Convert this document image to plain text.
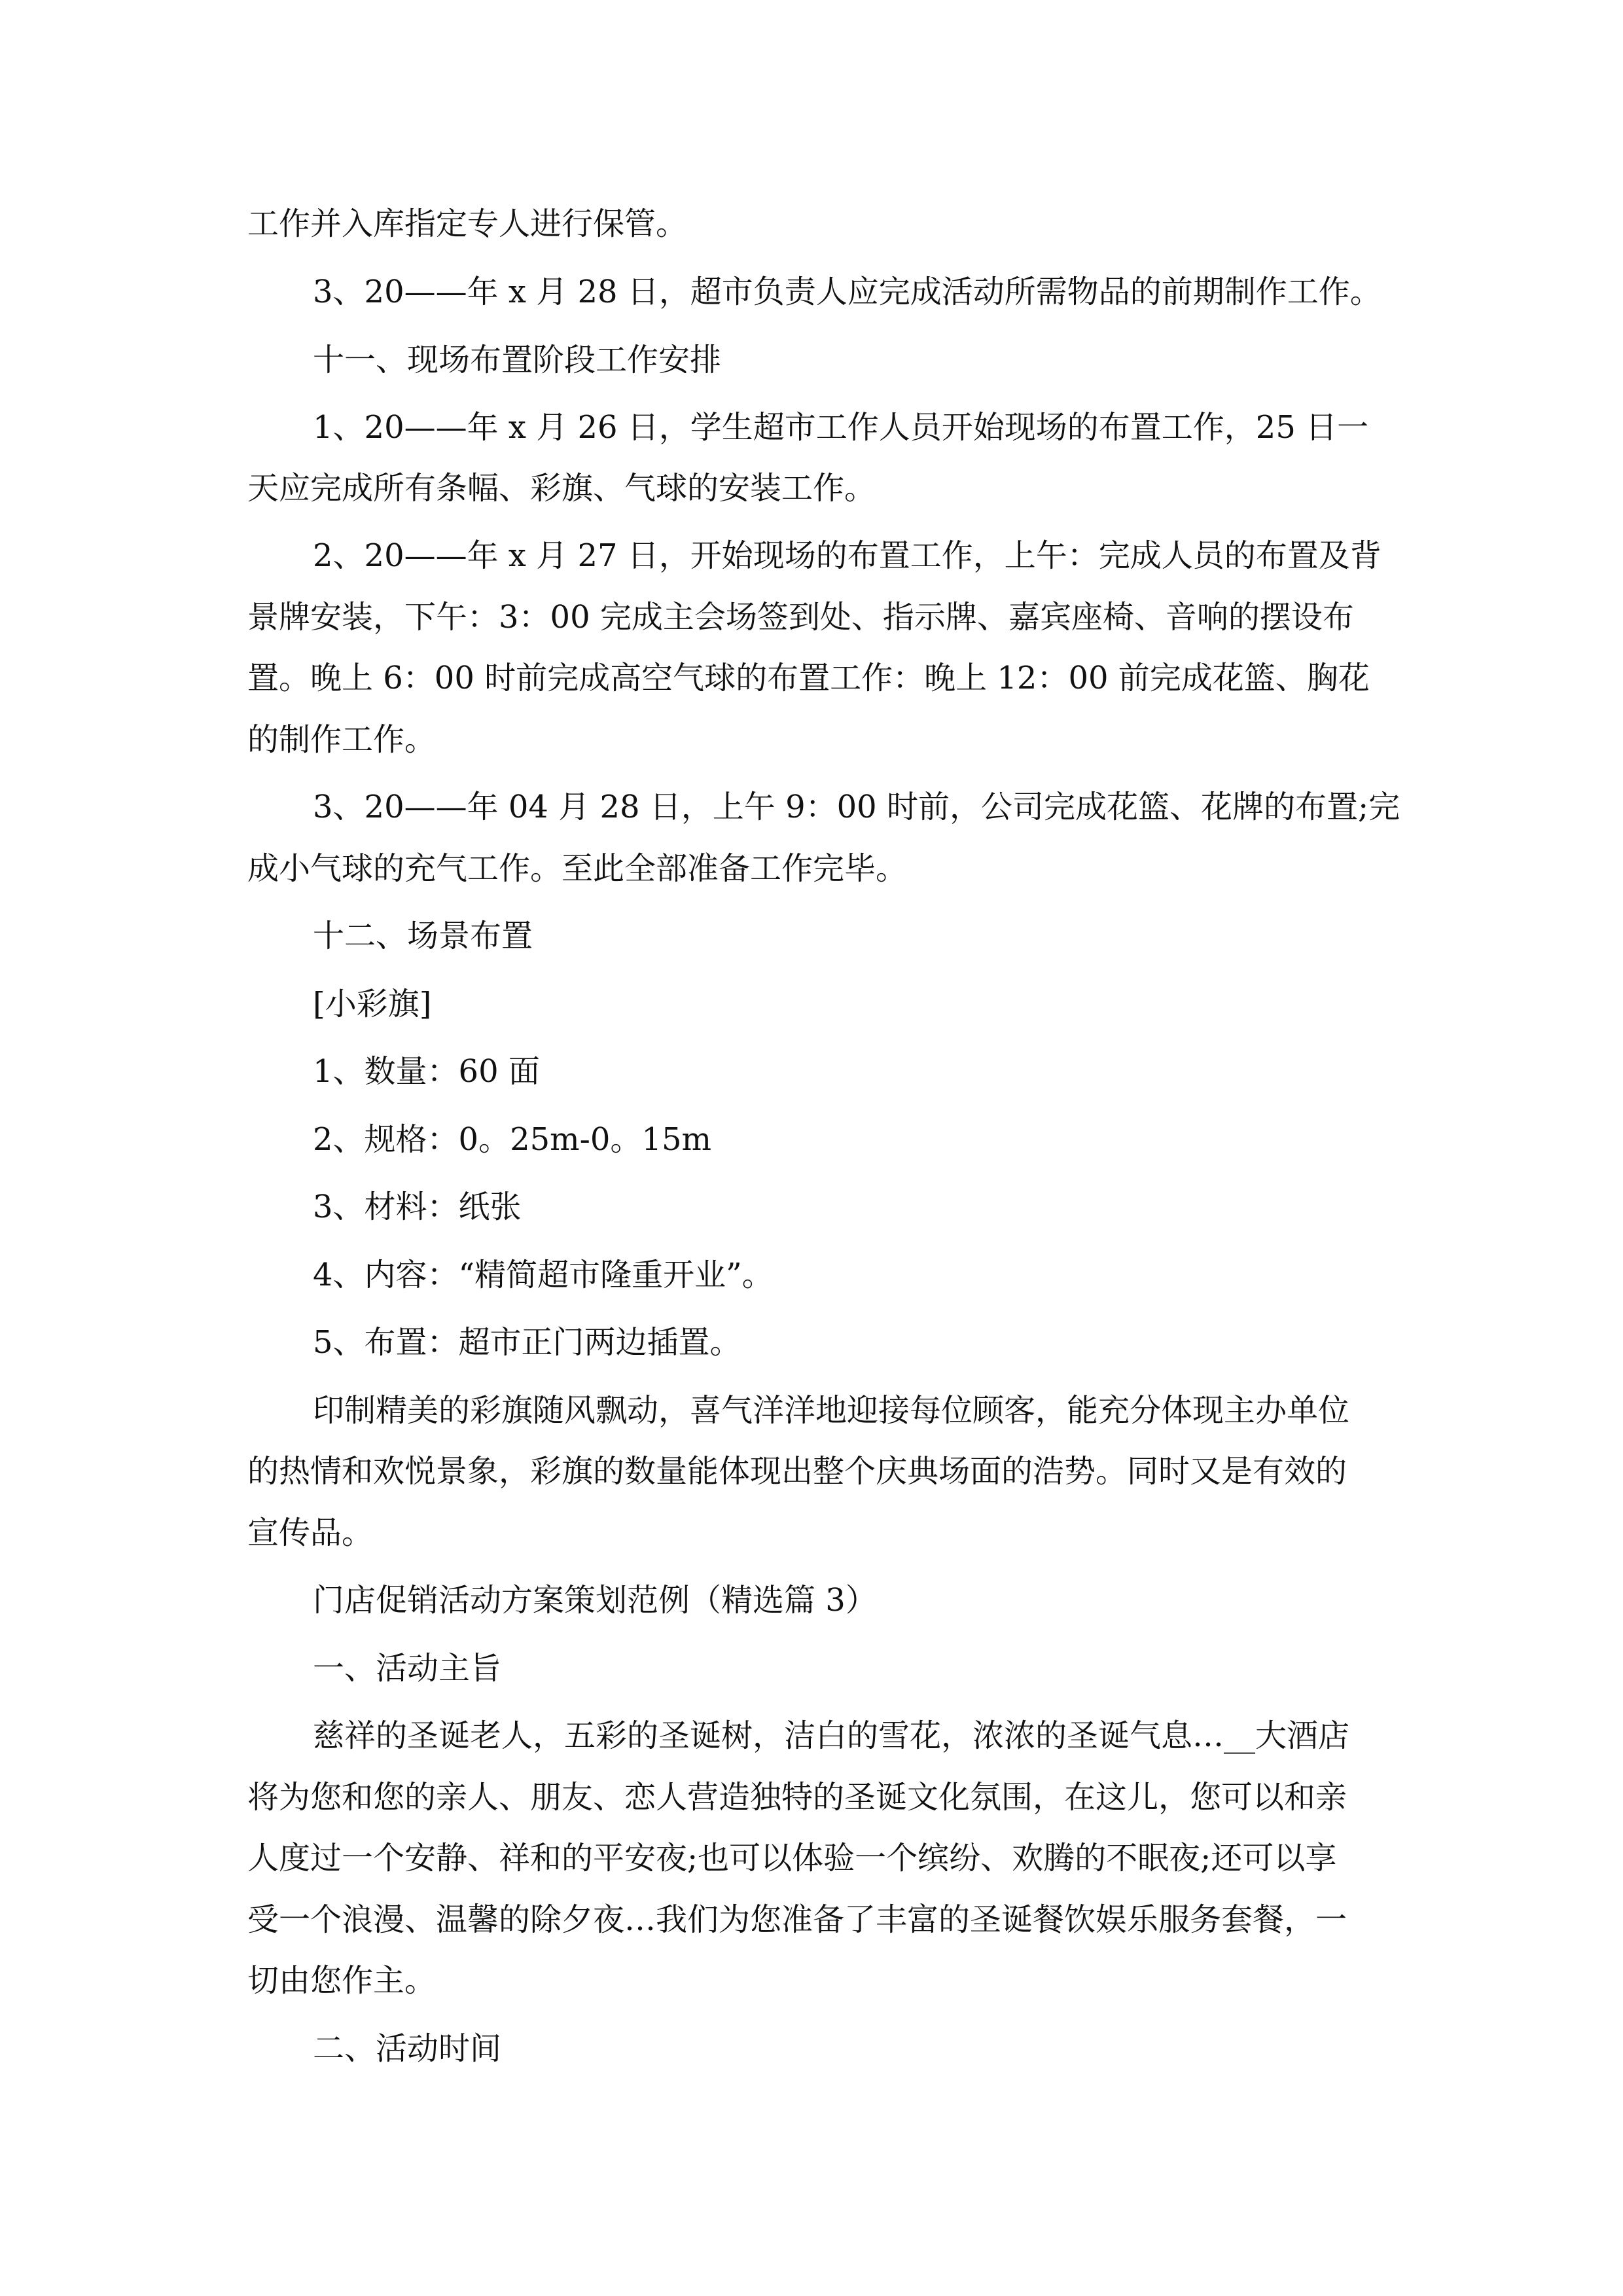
工作并入库指定专人进行保管。
3、20——年 x 月 28 日，超市负责人应完成活动所需物品的前期制作工作。
十一、现场布置阶段工作安排
1、20——年 x 月 26 日，学生超市工作人员开始现场的布置工作，25 日一
天应完成所有条幅、彩旗、气球的安装工作。
2、20——年 x 月 27 日，开始现场的布置工作，上午：完成人员的布置及背
景牌安装，下午：3：00 完成主会场签到处、指示牌、嘉宾座椅、音响的摆设布
置。晚上 6：00 时前完成高空气球的布置工作：晚上 12：00 前完成花篮、胸花
的制作工作。
3、20——年 04 月 28 日，上午 9：00 时前，公司完成花篮、花牌的布置;完
成小气球的充气工作。至此全部准备工作完毕。
十二、场景布置
[小彩旗]
1、数量：60 面
2、规格：0。25m-0。15m
3、材料：纸张
4、内容：“精简超市隆重开业”。
5、布置：超市正门两边插置。
印制精美的彩旗随风飘动，喜气洋洋地迎接每位顾客，能充分体现主办单位
的热情和欢悦景象，彩旗的数量能体现出整个庆典场面的浩势。同时又是有效的
宣传品。
门店促销活动方案策划范例（精选篇 3）
一、活动主旨
慈祥的圣诞老人，五彩的圣诞树，洁白的雪花，浓浓的圣诞气息…__大酒店
将为您和您的亲人、朋友、恋人营造独特的圣诞文化氛围，在这儿，您可以和亲
人度过一个安静、祥和的平安夜;也可以体验一个缤纷、欢腾的不眠夜;还可以享
受一个浪漫、温馨的除夕夜…我们为您准备了丰富的圣诞餐饮娱乐服务套餐，一
切由您作主。
二、活动时间
